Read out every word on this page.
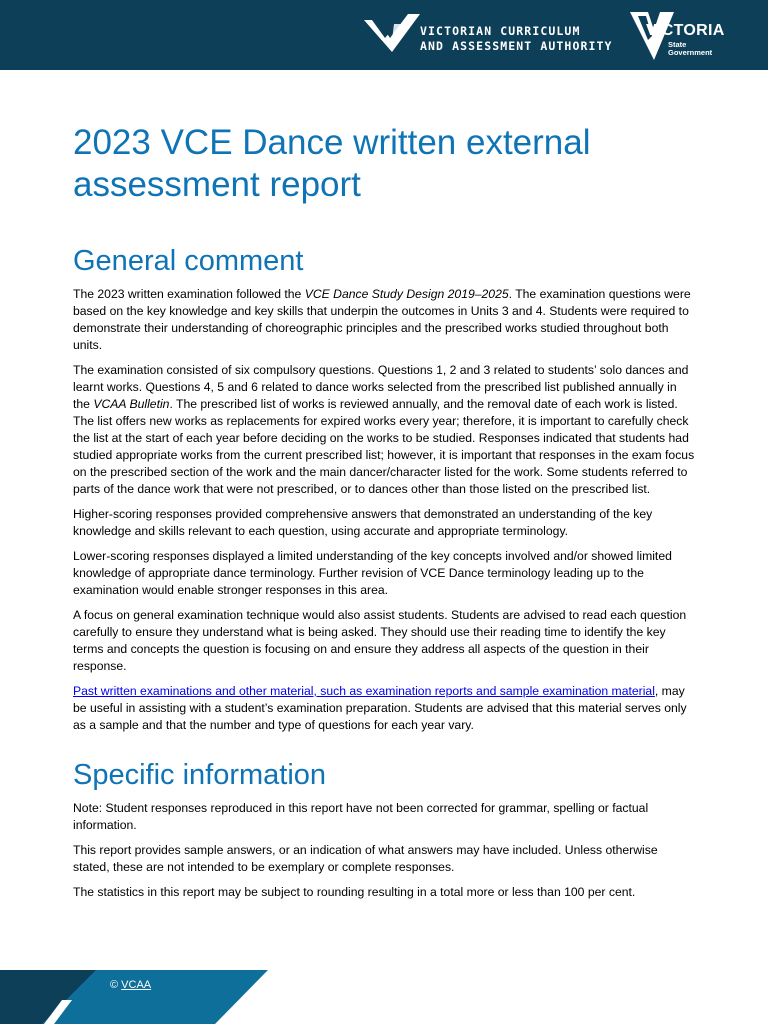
VICTORIAN CURRICULUM
AND ASSESSMENT AUTHORITY
VICTORIA
State Government
2023 VCE Dance written external assessment report
General comment

The 2023 written examination followed the VCE Dance Study Design 2019–2025. The examination questions were based on the key knowledge and key skills that underpin the outcomes in Units 3 and 4. Students were required to demonstrate their understanding of choreographic principles and the prescribed works studied throughout both units.

The examination consisted of six compulsory questions. Questions 1, 2 and 3 related to students’ solo dances and learnt works. Questions 4, 5 and 6 related to dance works selected from the prescribed list published annually in the VCAA Bulletin. The prescribed list of works is reviewed annually, and the removal date of each work is listed. The list offers new works as replacements for expired works every year; therefore, it is important to carefully check the list at the start of each year before deciding on the works to be studied. Responses indicated that students had studied appropriate works from the current prescribed list; however, it is important that responses in the exam focus on the prescribed section of the work and the main dancer/character listed for the work. Some students referred to parts of the dance work that were not prescribed, or to dances other than those listed on the prescribed list.

Higher-scoring responses provided comprehensive answers that demonstrated an understanding of the key knowledge and skills relevant to each question, using accurate and appropriate terminology.

Lower-scoring responses displayed a limited understanding of the key concepts involved and/or showed limited knowledge of appropriate dance terminology. Further revision of VCE Dance terminology leading up to the examination would enable stronger responses in this area.

A focus on general examination technique would also assist students. Students are advised to read each question carefully to ensure they understand what is being asked. They should use their reading time to identify the key terms and concepts the question is focusing on and ensure they address all aspects of the question in their response.

Past written examinations and other material, such as examination reports and sample examination material, may be useful in assisting with a student’s examination preparation. Students are advised that this material serves only as a sample and that the number and type of questions for each year vary.

Specific information

Note: Student responses reproduced in this report have not been corrected for grammar, spelling or factual information.

This report provides sample answers, or an indication of what answers may have included. Unless otherwise stated, these are not intended to be exemplary or complete responses.

The statistics in this report may be subject to rounding resulting in a total more or less than 100 per cent.

© VCAA
